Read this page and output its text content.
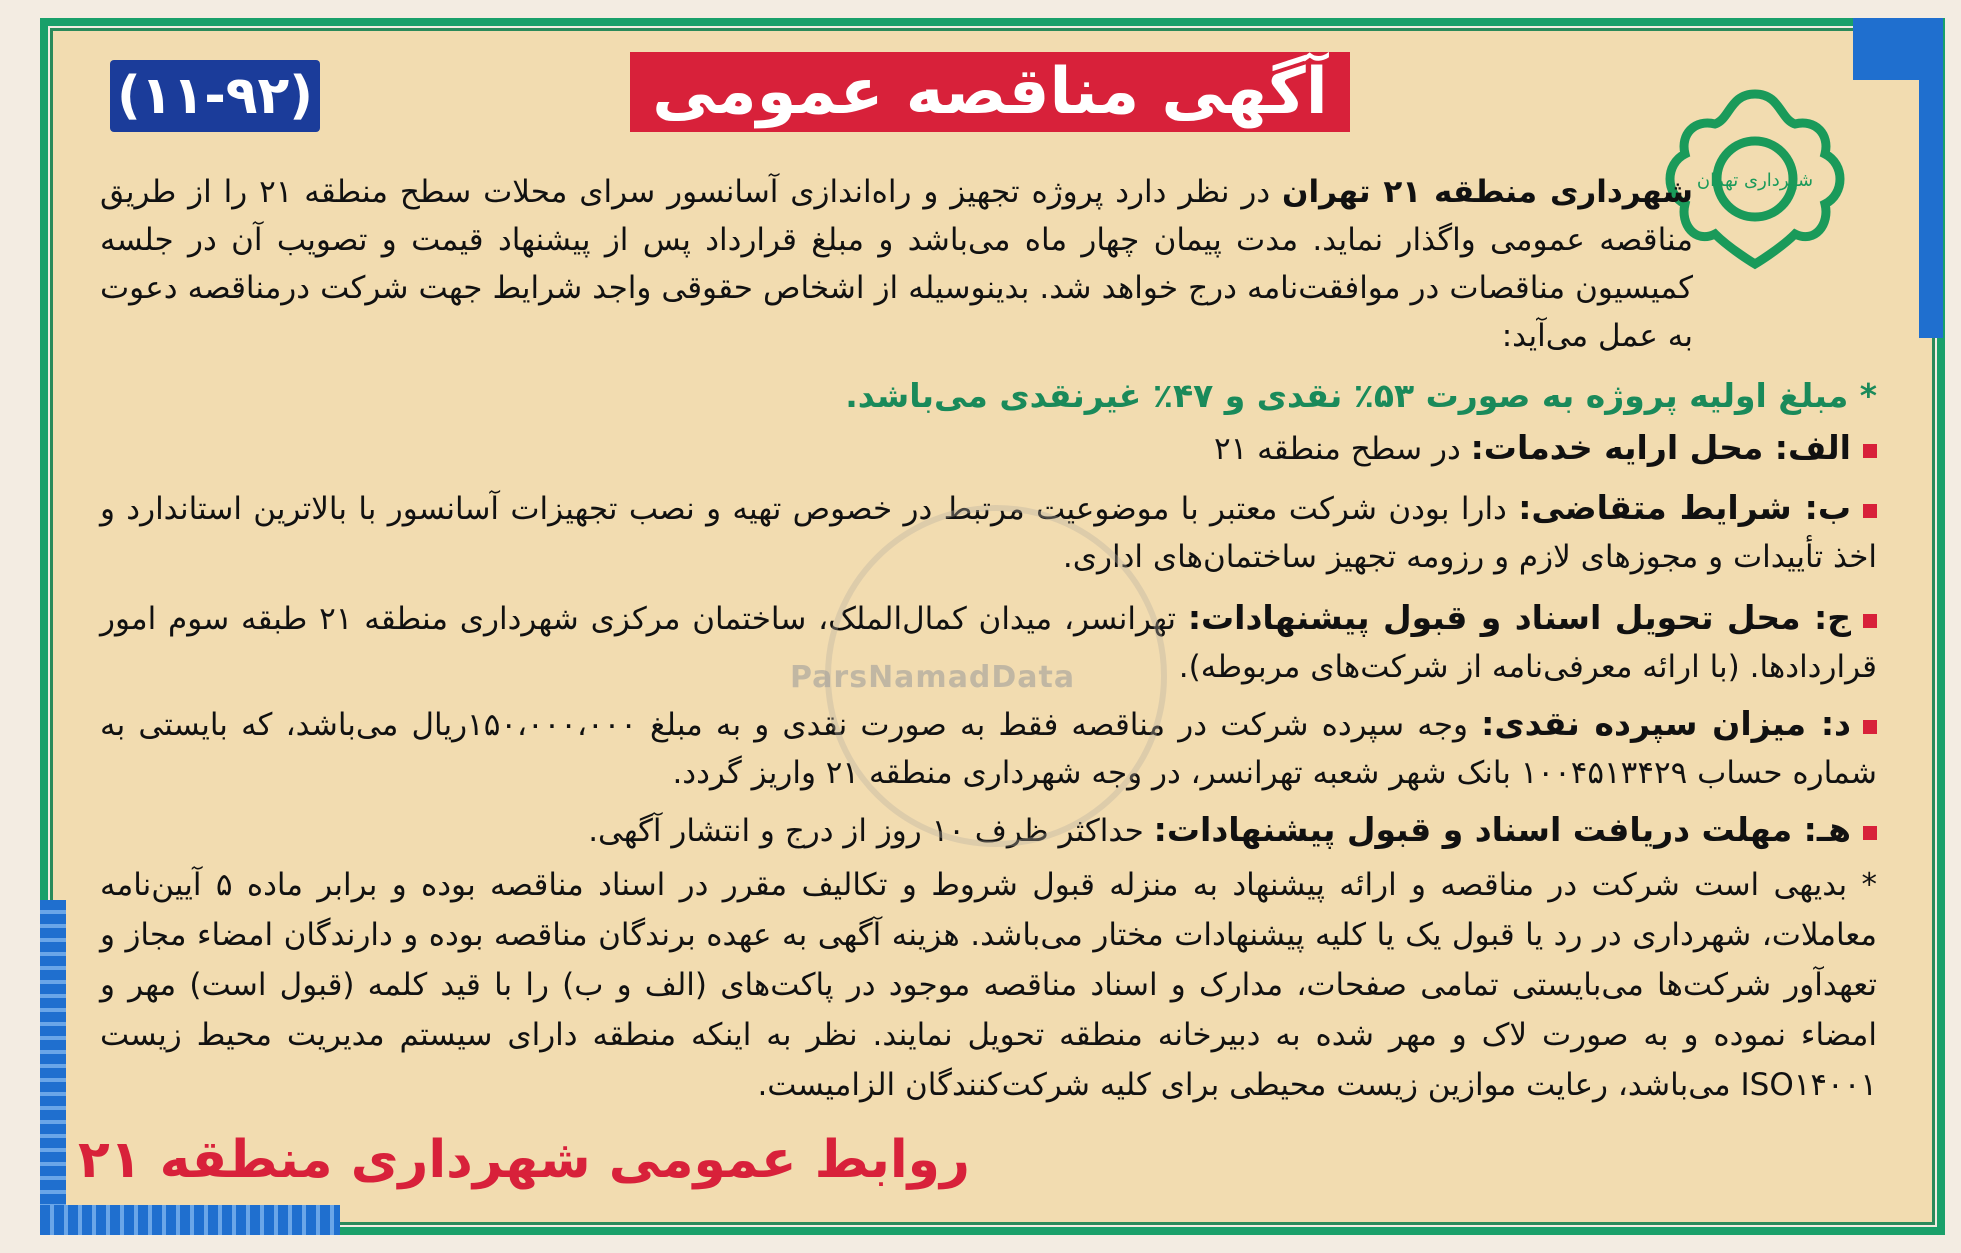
آگهی مناقصه عمومی
(۱۱-۹۲)
شهرداری تهران
شهرداری منطقه ۲۱ تهران در نظر دارد پروژه تجهیز و راه‌اندازی آسانسور سرای محلات سطح منطقه ۲۱ را از طریق مناقصه عمومی واگذار نماید. مدت پیمان چهار ماه می‌باشد و مبلغ قرارداد پس از پیشنهاد قیمت و تصویب آن در جلسه کمیسیون مناقصات در موافقت‌نامه درج خواهد شد. بدینوسیله از اشخاص حقوقی واجد شرایط جهت شرکت درمناقصه دعوت به عمل می‌آید:
* مبلغ اولیه پروژه به صورت ۵۳٪ نقدی و ۴۷٪ غیرنقدی می‌باشد.
الف: محل ارایه خدمات: در سطح منطقه ۲۱
ب: شرایط متقاضی: دارا بودن شرکت معتبر با موضوعیت مرتبط در خصوص تهیه و نصب تجهیزات آسانسور با بالاترین استاندارد و اخذ تأییدات و مجوزهای لازم و رزومه تجهیز ساختمان‌های اداری.
ج: محل تحویل اسناد و قبول پیشنهادات: تهرانسر، میدان کمال‌الملک، ساختمان مرکزی شهرداری منطقه ۲۱ طبقه سوم امور قراردادها. (با ارائه معرفی‌نامه از شرکت‌های مربوطه).
د: میزان سپرده نقدی: وجه سپرده شرکت در مناقصه فقط به صورت نقدی و به مبلغ ۱۵۰،۰۰۰،۰۰۰ریال می‌باشد، که بایستی به شماره حساب ۱۰۰۴۵۱۳۴۲۹ بانک شهر شعبه تهرانسر، در وجه شهرداری منطقه ۲۱ واریز گردد.
هـ: مهلت دریافت اسناد و قبول پیشنهادات: حداکثر ظرف ۱۰ روز از درج و انتشار آگهی.
* بدیهی است شرکت در مناقصه و ارائه پیشنهاد به منزله قبول شروط و تکالیف مقرر در اسناد مناقصه بوده و برابر ماده ۵ آیین‌نامه معاملات، شهرداری در رد یا قبول یک یا کلیه پیشنهادات مختار می‌باشد. هزینه آگهی به عهده برندگان مناقصه بوده و دارندگان امضاء مجاز و تعهدآور شرکت‌ها می‌بایستی تمامی صفحات، مدارک و اسناد مناقصه موجود در پاکت‌های (الف و ب) را با قید کلمه (قبول است) مهر و امضاء نموده و به صورت لاک و مهر شده به دبیرخانه منطقه تحویل نمایند. نظر به اینکه منطقه دارای سیستم مدیریت محیط زیست ISO۱۴۰۰۱ می‌باشد، رعایت موازین زیست محیطی برای کلیه شرکت‌کنندگان الزامیست.
ParsNamadData
روابط عمومی شهرداری منطقه ۲۱
